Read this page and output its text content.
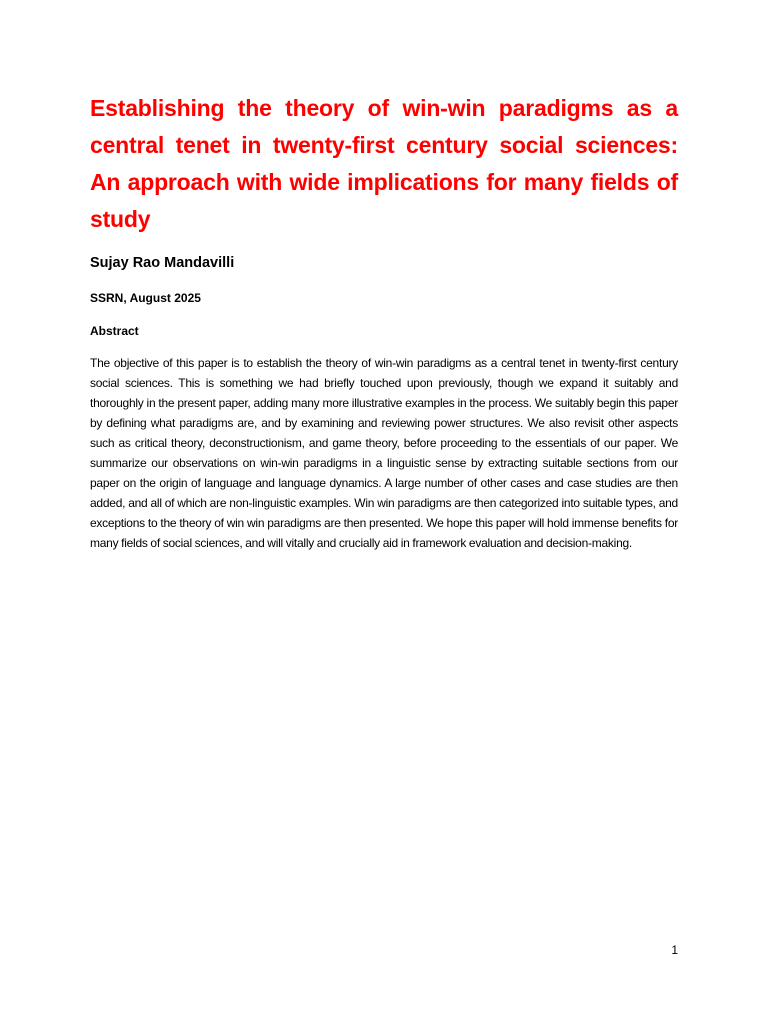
Establishing the theory of win-win paradigms as a central tenet in twenty-first century social sciences: An approach with wide implications for many fields of study

Sujay Rao Mandavilli

SSRN, August 2025

Abstract

The objective of this paper is to establish the theory of win-win paradigms as a central tenet in twenty-first century social sciences. This is something we had briefly touched upon previously, though we expand it suitably and thoroughly in the present paper, adding many more illustrative examples in the process. We suitably begin this paper by defining what paradigms are, and by examining and reviewing power structures. We also revisit other aspects such as critical theory, deconstructionism, and game theory, before proceeding to the essentials of our paper. We summarize our observations on win-win paradigms in a linguistic sense by extracting suitable sections from our paper on the origin of language and language dynamics. A large number of other cases and case studies are then added, and all of which are non-linguistic examples. Win win paradigms are then categorized into suitable types, and exceptions to the theory of win win paradigms are then presented. We hope this paper will hold immense benefits for many fields of social sciences, and will vitally and crucially aid in framework evaluation and decision-making.

1
